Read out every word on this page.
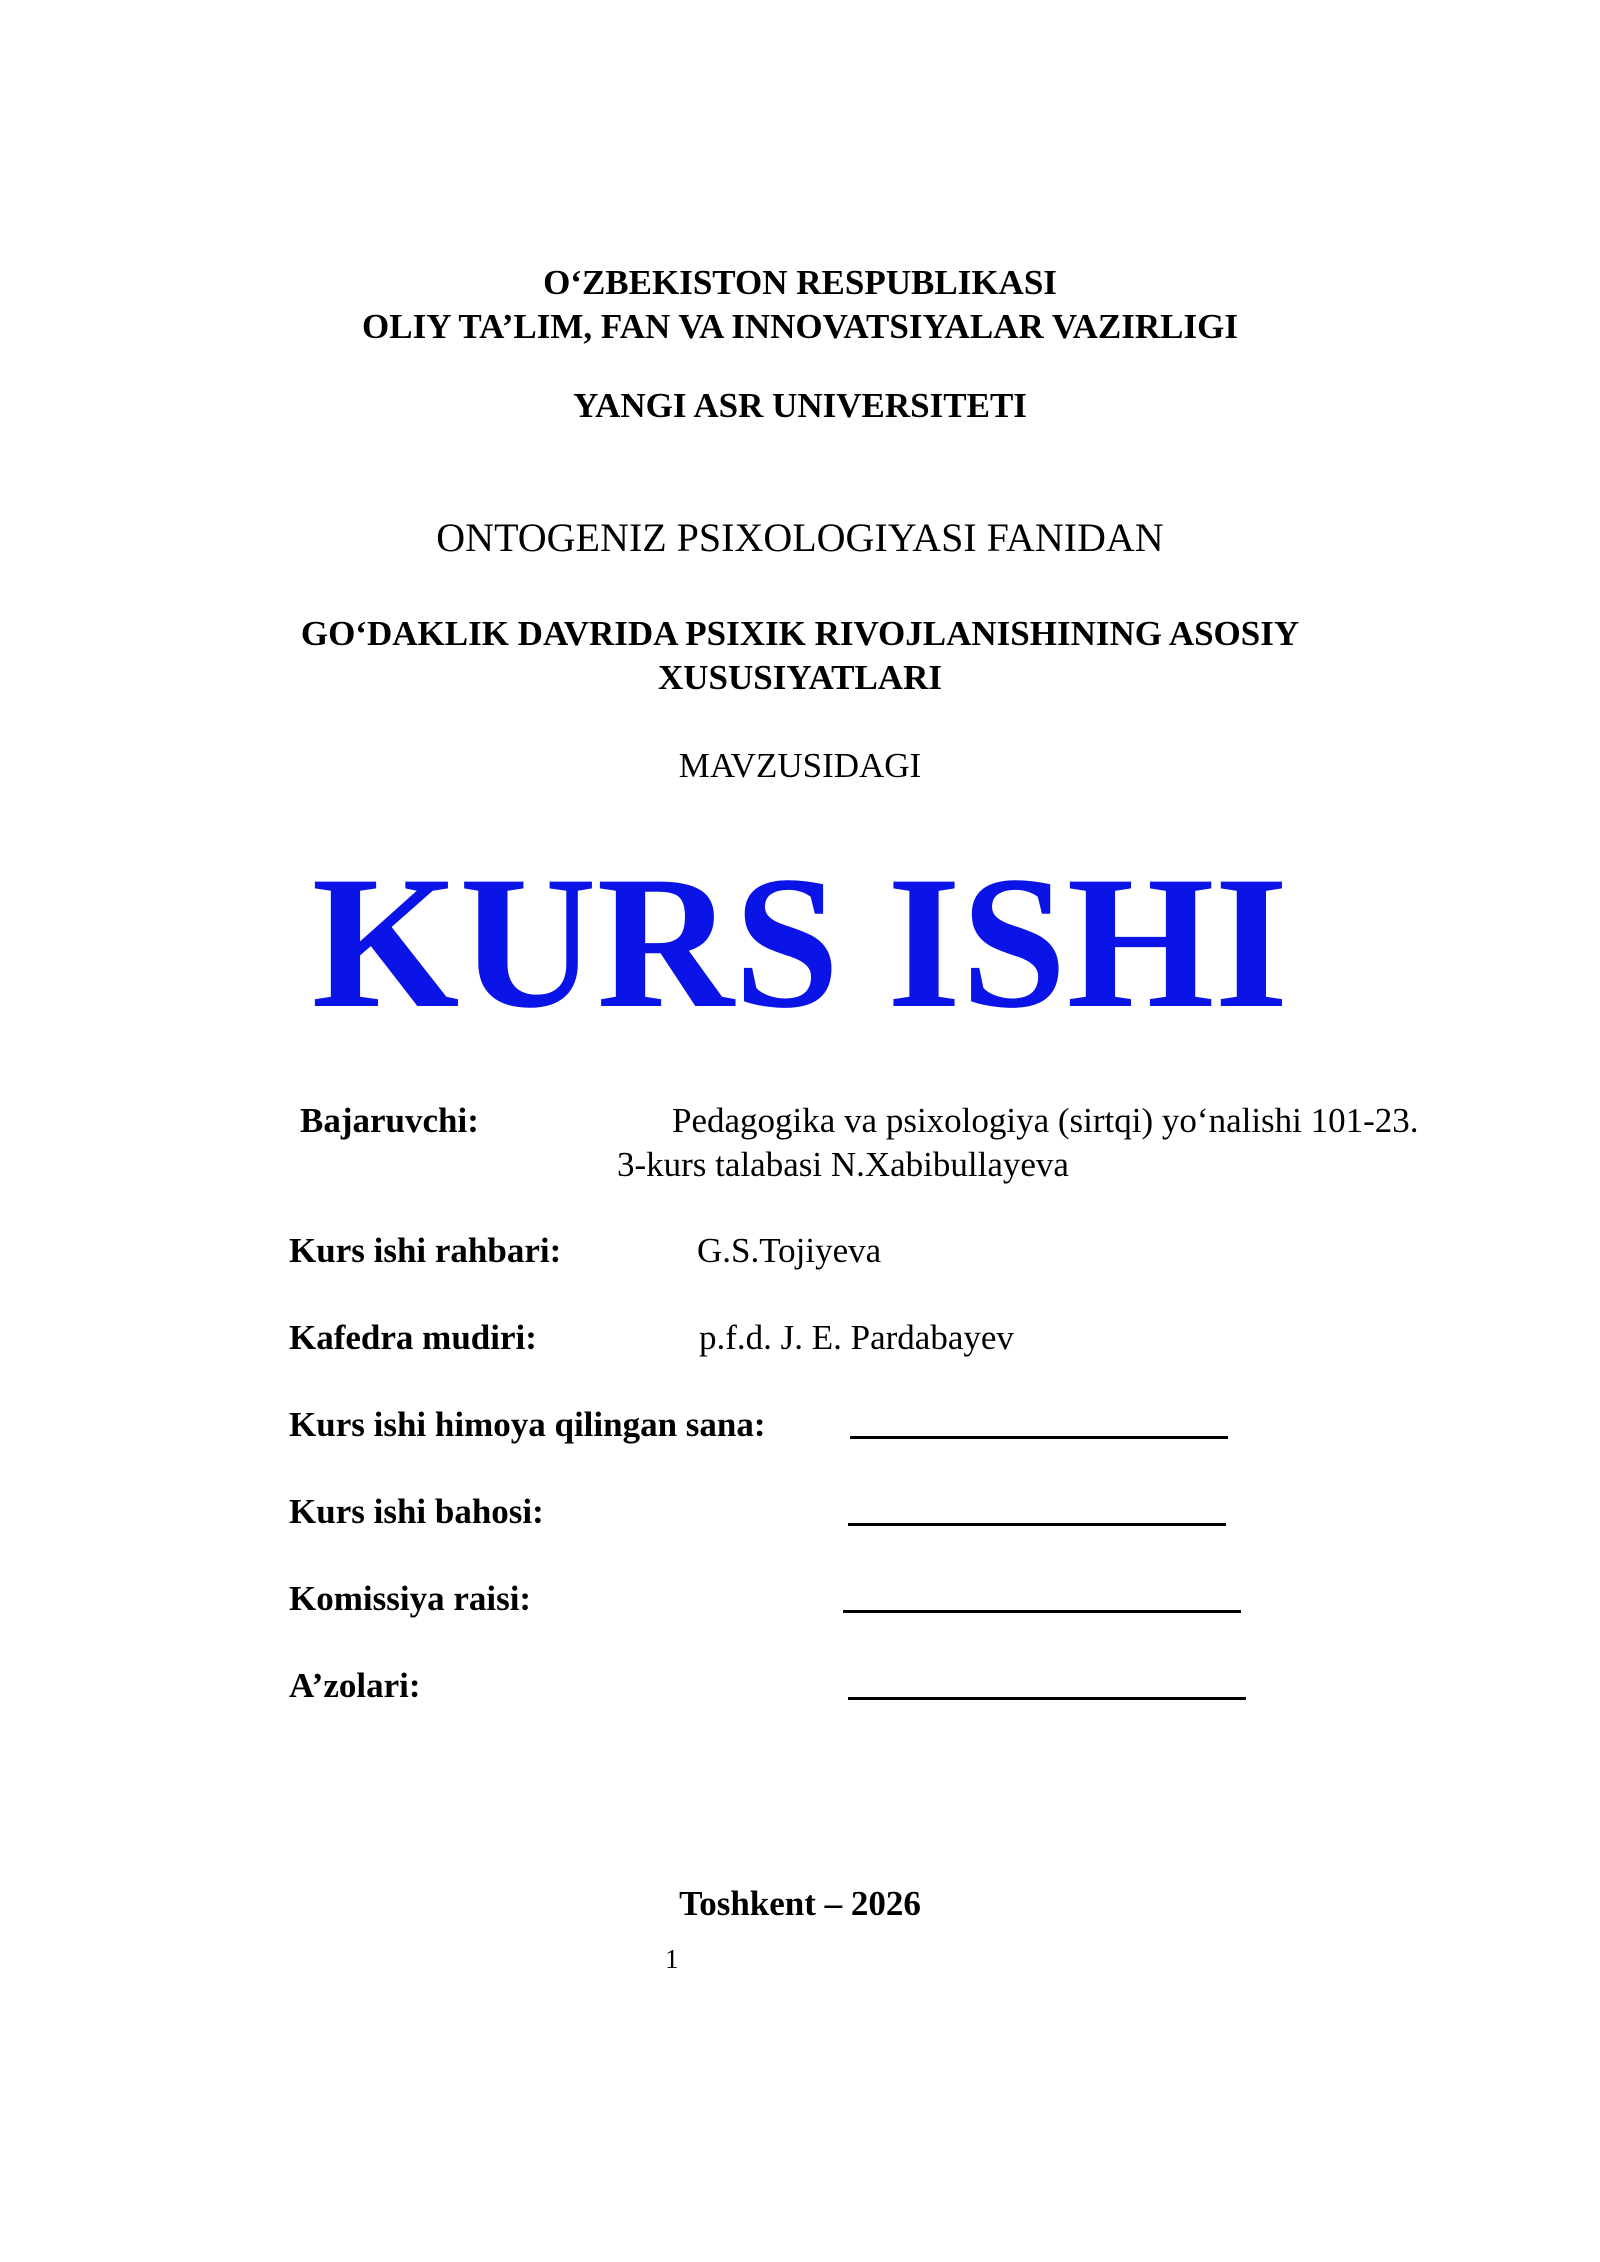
O‘ZBEKISTON RESPUBLIKASI
OLIY TA’LIM, FAN VA INNOVATSIYALAR VAZIRLIGI
YANGI ASR UNIVERSITETI
ONTOGENIZ PSIXOLOGIYASI FANIDAN
GO‘DAKLIK DAVRIDA PSIXIK RIVOJLANISHINING ASOSIY
XUSUSIYATLARI
MAVZUSIDAGI
KURS ISHI
Bajaruvchi:	Pedagogika va psixologiya (sirtqi) yo‘nalishi 101-23.
3-kurs talabasi N.Xabibullayeva
Kurs ishi rahbari:	G.S.Tojiyeva
Kafedra mudiri:	p.f.d. J. E. Pardabayev
Kurs ishi himoya qilingan sana:
Kurs ishi bahosi:
Komissiya raisi:
A’zolari:
Toshkent – 2026
1
